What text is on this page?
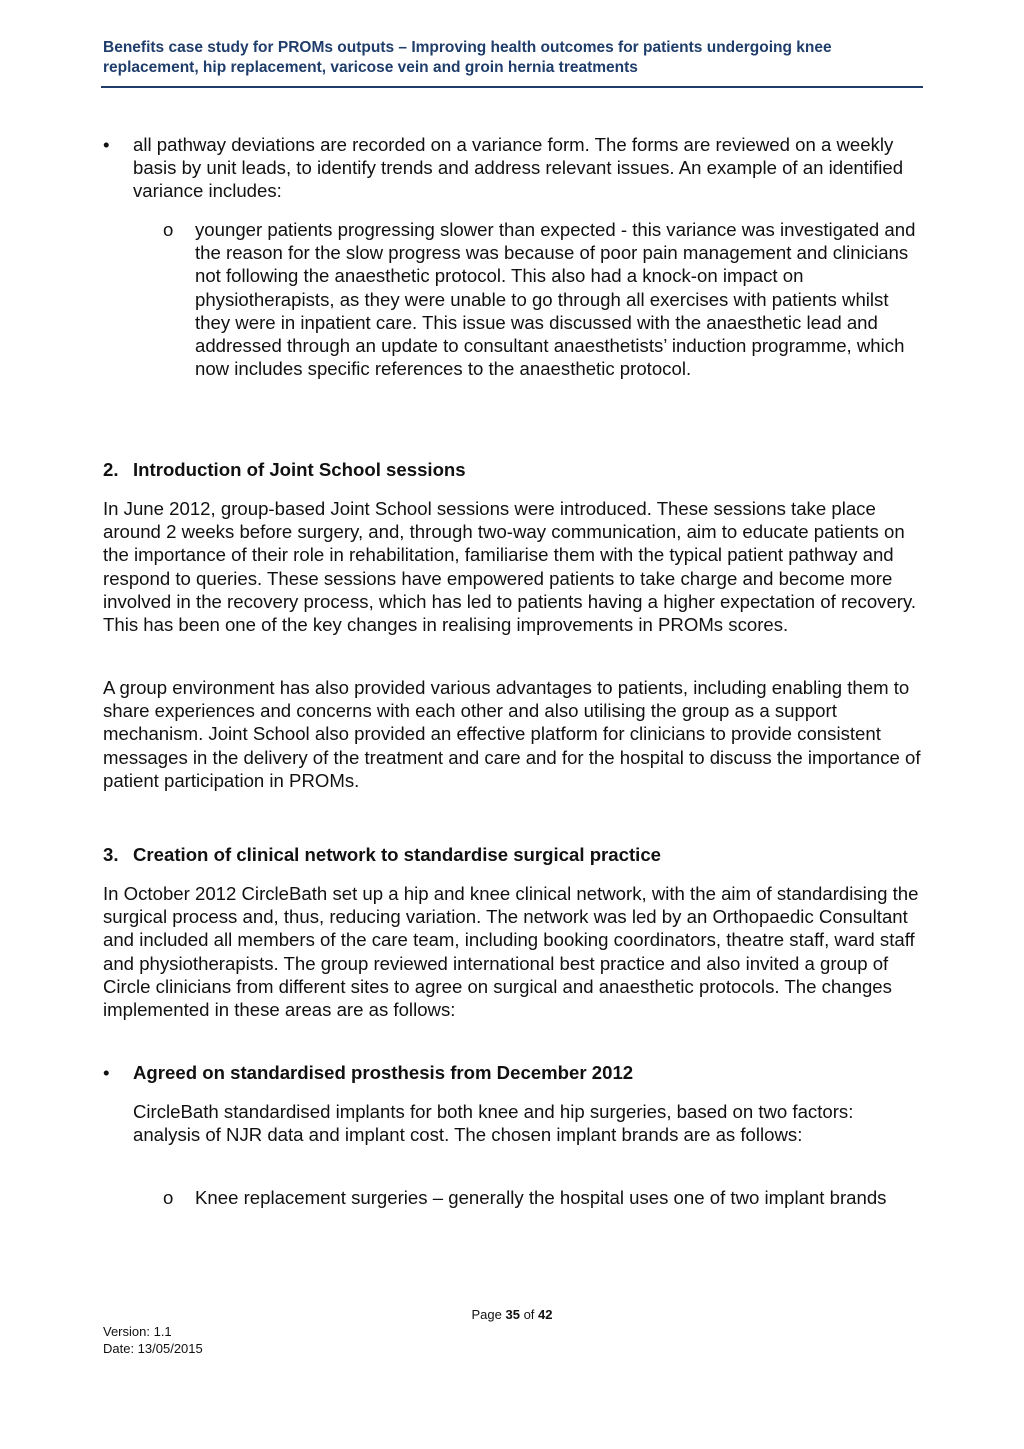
Benefits case study for PROMs outputs – Improving health outcomes for patients undergoing knee replacement, hip replacement, varicose vein and groin hernia treatments
•	all pathway deviations are recorded on a variance form. The forms are reviewed on a weekly basis by unit leads, to identify trends and address relevant issues. An example of an identified variance includes:
o younger patients progressing slower than expected - this variance was investigated and the reason for the slow progress was because of poor pain management and clinicians not following the anaesthetic protocol. This also had a knock-on impact on physiotherapists, as they were unable to go through all exercises with patients whilst they were in inpatient care. This issue was discussed with the anaesthetic lead and addressed through an update to consultant anaesthetists’ induction programme, which now includes specific references to the anaesthetic protocol.
2. Introduction of Joint School sessions
In June 2012, group-based Joint School sessions were introduced. These sessions take place around 2 weeks before surgery, and, through two-way communication, aim to educate patients on the importance of their role in rehabilitation, familiarise them with the typical patient pathway and respond to queries. These sessions have empowered patients to take charge and become more involved in the recovery process, which has led to patients having a higher expectation of recovery. This has been one of the key changes in realising improvements in PROMs scores.
A group environment has also provided various advantages to patients, including enabling them to share experiences and concerns with each other and also utilising the group as a support mechanism. Joint School also provided an effective platform for clinicians to provide consistent messages in the delivery of the treatment and care and for the hospital to discuss the importance of patient participation in PROMs.
3. Creation of clinical network to standardise surgical practice
In October 2012 CircleBath set up a hip and knee clinical network, with the aim of standardising the surgical process and, thus, reducing variation. The network was led by an Orthopaedic Consultant and included all members of the care team, including booking coordinators, theatre staff, ward staff and physiotherapists. The group reviewed international best practice and also invited a group of Circle clinicians from different sites to agree on surgical and anaesthetic protocols. The changes implemented in these areas are as follows:
•	Agreed on standardised prosthesis from December 2012
CircleBath standardised implants for both knee and hip surgeries, based on two factors: analysis of NJR data and implant cost. The chosen implant brands are as follows:
o Knee replacement surgeries – generally the hospital uses one of two implant brands
Page 35 of 42
Version: 1.1
Date: 13/05/2015
